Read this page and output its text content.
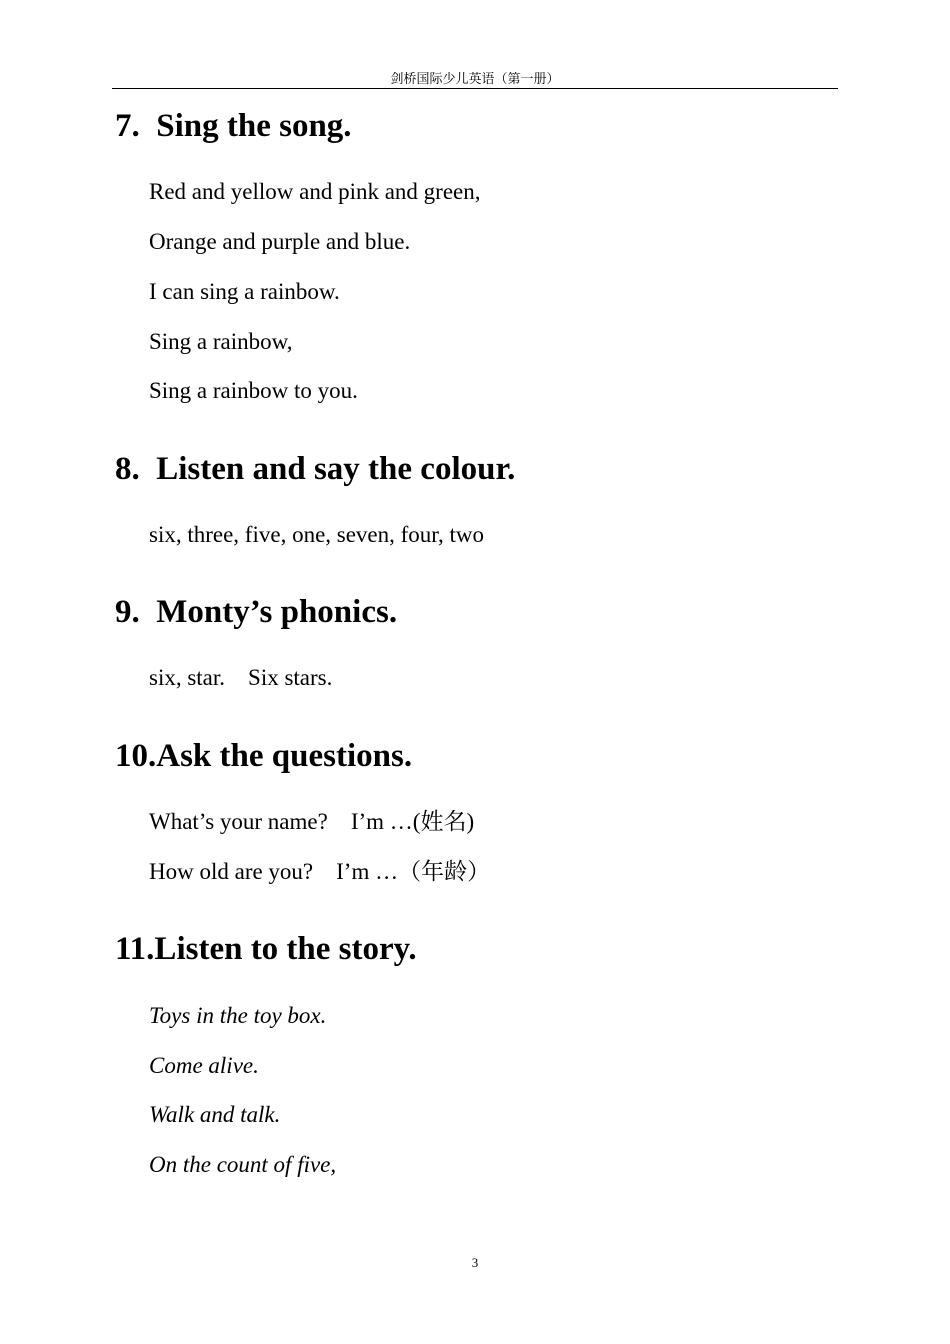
剑桥国际少儿英语（第一册）
7.  Sing the song.
Red and yellow and pink and green,
Orange and purple and blue.
I can sing a rainbow.
Sing a rainbow,
Sing a rainbow to you.
8.  Listen and say the colour.
six, three, five, one, seven, four, two
9.  Monty’s phonics.
six, star.    Six stars.
10.Ask the questions.
What’s your name?    I’m …(姓名)
How old are you?    I’m …（年龄）
11.Listen to the story.
Toys in the toy box.
Come alive.
Walk and talk.
On the count of five,
3
